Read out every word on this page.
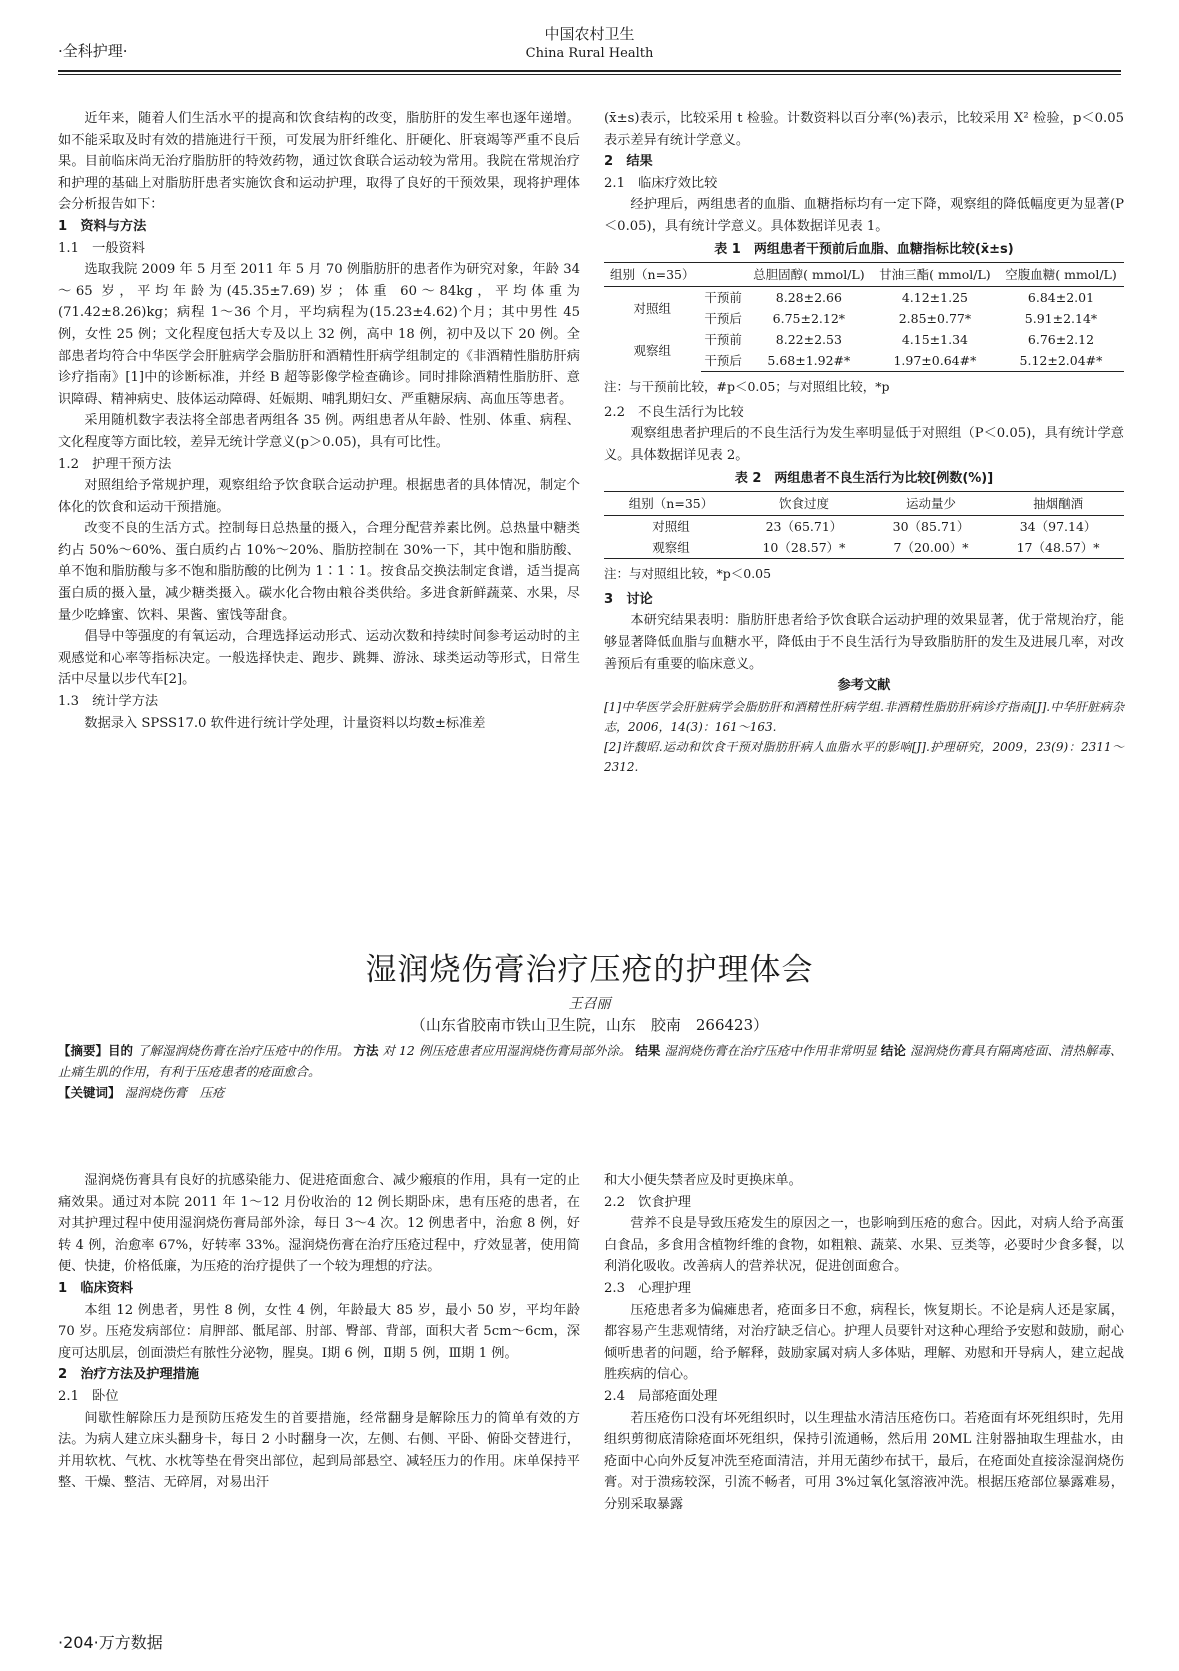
·全科护理·
中国农村卫生
China Rural Health

近年来，随着人们生活水平的提高和饮食结构的改变，脂肪肝的发生率也逐年递增。如不能采取及时有效的措施进行干预，可发展为肝纤维化、肝硬化、肝衰竭等严重不良后果。目前临床尚无治疗脂肪肝的特效药物，通过饮食联合运动较为常用。我院在常规治疗和护理的基础上对脂肪肝患者实施饮食和运动护理，取得了良好的干预效果，现将护理体会分析报告如下：

1　资料与方法
1.1　一般资料

选取我院 2009 年 5 月至 2011 年 5 月 70 例脂肪肝的患者作为研究对象，年龄 34～65 岁，平均年龄为(45.35±7.69)岁；体重 60～84kg，平均体重为(71.42±8.26)kg；病程 1～36 个月，平均病程为(15.23±4.62)个月；其中男性 45 例，女性 25 例；文化程度包括大专及以上 32 例，高中 18 例，初中及以下 20 例。全部患者均符合中华医学会肝脏病学会脂肪肝和酒精性肝病学组制定的《非酒精性脂肪肝病诊疗指南》[1]中的诊断标准，并经 B 超等影像学检查确诊。同时排除酒精性脂肪肝、意识障碍、精神病史、肢体运动障碍、妊娠期、哺乳期妇女、严重糖尿病、高血压等患者。

采用随机数字表法将全部患者两组各 35 例。两组患者从年龄、性别、体重、病程、文化程度等方面比较，差异无统计学意义(p＞0.05)，具有可比性。

1.2　护理干预方法

对照组给予常规护理，观察组给予饮食联合运动护理。根据患者的具体情况，制定个体化的饮食和运动干预措施。

改变不良的生活方式。控制每日总热量的摄入，合理分配营养素比例。总热量中糖类约占 50%～60%、蛋白质约占 10%～20%、脂肪控制在 30%一下，其中饱和脂肪酸、单不饱和脂肪酸与多不饱和脂肪酸的比例为 1∶1∶1。按食品交换法制定食谱，适当提高蛋白质的摄入量，减少糖类摄入。碳水化合物由粮谷类供给。多进食新鲜蔬菜、水果，尽量少吃蜂蜜、饮料、果酱、蜜饯等甜食。

倡导中等强度的有氧运动，合理选择运动形式、运动次数和持续时间参考运动时的主观感觉和心率等指标决定。一般选择快走、跑步、跳舞、游泳、球类运动等形式，日常生活中尽量以步代车[2]。

1.3　统计学方法

数据录入 SPSS17.0 软件进行统计学处理，计量资料以均数±标准差

(x̄±s)表示，比较采用 t 检验。计数资料以百分率(%)表示，比较采用 X² 检验，p＜0.05 表示差异有统计学意义。

2　结果
2.1　临床疗效比较

经护理后，两组患者的血脂、血糖指标均有一定下降，观察组的降低幅度更为显著(P＜0.05)，具有统计学意义。具体数据详见表 1。

表 1　两组患者干预前后血脂、血糖指标比较(x̄±s)
组别（n=35）		总胆固醇( mmol/L)	甘油三酯( mmol/L)	空腹血糖( mmol/L)
对照组	干预前	8.28±2.66	4.12±1.25	6.84±2.01
	干预后	6.75±2.12*	2.85±0.77*	5.91±2.14*
观察组	干预前	8.22±2.53	4.15±1.34	6.76±2.12
	干预后	5.68±1.92#*	1.97±0.64#*	5.12±2.04#*

注：与干预前比较，#p＜0.05；与对照组比较，*p

2.2　不良生活行为比较

观察组患者护理后的不良生活行为发生率明显低于对照组（P＜0.05)，具有统计学意义。具体数据详见表 2。

表 2　两组患者不良生活行为比较[例数(%)]
组别（n=35）	饮食过度	运动量少	抽烟酗酒
对照组	23（65.71）	30（85.71）	34（97.14）
观察组	10（28.57）*	7（20.00）*	17（48.57）*

注：与对照组比较，*p＜0.05

3　讨论

本研究结果表明：脂肪肝患者给予饮食联合运动护理的效果显著，优于常规治疗，能够显著降低血脂与血糖水平，降低由于不良生活行为导致脂肪肝的发生及进展几率，对改善预后有重要的临床意义。

参考文献

[1]中华医学会肝脏病学会脂肪肝和酒精性肝病学组.非酒精性脂肪肝病诊疗指南[J].中华肝脏病杂志，2006，14(3)：161～163.

[2]许馥昭.运动和饮食干预对脂肪肝病人血脂水平的影响[J].护理研究，2009，23(9)：2311～2312.

湿润烧伤膏治疗压疮的护理体会
王召丽
（山东省胶南市铁山卫生院，山东　胶南　266423）
【摘要】目的 了解湿润烧伤膏在治疗压疮中的作用。 方法 对 12 例压疮患者应用湿润烧伤膏局部外涂。 结果 湿润烧伤膏在治疗压疮中作用非常明显 结论 湿润烧伤膏具有隔离疮面、清热解毒、止痛生肌的作用，有利于压疮患者的疮面愈合。
【关键词】 湿润烧伤膏　压疮

湿润烧伤膏具有良好的抗感染能力、促进疮面愈合、减少瘢痕的作用，具有一定的止痛效果。通过对本院 2011 年 1～12 月份收治的 12 例长期卧床，患有压疮的患者，在对其护理过程中使用湿润烧伤膏局部外涂，每日 3～4 次。12 例患者中，治愈 8 例，好转 4 例，治愈率 67%，好转率 33%。湿润烧伤膏在治疗压疮过程中，疗效显著，使用简便、快捷，价格低廉，为压疮的治疗提供了一个较为理想的疗法。

1　临床资料

本组 12 例患者，男性 8 例，女性 4 例，年龄最大 85 岁，最小 50 岁，平均年龄 70 岁。压疮发病部位：肩胛部、骶尾部、肘部、臀部、背部，面积大者 5cm～6cm，深度可达肌层，创面溃烂有脓性分泌物，腥臭。Ⅰ期 6 例，Ⅱ期 5 例，Ⅲ期 1 例。

2　治疗方法及护理措施
2.1　卧位

间歇性解除压力是预防压疮发生的首要措施，经常翻身是解除压力的简单有效的方法。为病人建立床头翻身卡，每日 2 小时翻身一次，左侧、右侧、平卧、俯卧交替进行，并用软枕、气枕、水枕等垫在骨突出部位，起到局部悬空、减轻压力的作用。床单保持平整、干燥、整洁、无碎屑，对易出汗

和大小便失禁者应及时更换床单。

2.2　饮食护理

营养不良是导致压疮发生的原因之一，也影响到压疮的愈合。因此，对病人给予高蛋白食品，多食用含植物纤维的食物，如粗粮、蔬菜、水果、豆类等，必要时少食多餐，以利消化吸收。改善病人的营养状况，促进创面愈合。

2.3　心理护理

压疮患者多为偏瘫患者，疮面多日不愈，病程长，恢复期长。不论是病人还是家属，都容易产生悲观情绪，对治疗缺乏信心。护理人员要针对这种心理给予安慰和鼓励，耐心倾听患者的问题，给予解释，鼓励家属对病人多体贴，理解、劝慰和开导病人，建立起战胜疾病的信心。

2.4　局部疮面处理

若压疮伤口没有坏死组织时，以生理盐水清洁压疮伤口。若疮面有坏死组织时，先用组织剪彻底清除疮面坏死组织，保持引流通畅，然后用 20ML 注射器抽取生理盐水，由疮面中心向外反复冲洗至疮面清洁，并用无菌纱布拭干，最后，在疮面处直接涂湿润烧伤膏。对于溃疡较深，引流不畅者，可用 3%过氧化氢溶液冲洗。根据压疮部位暴露难易，分别采取暴露

·204·万方数据
